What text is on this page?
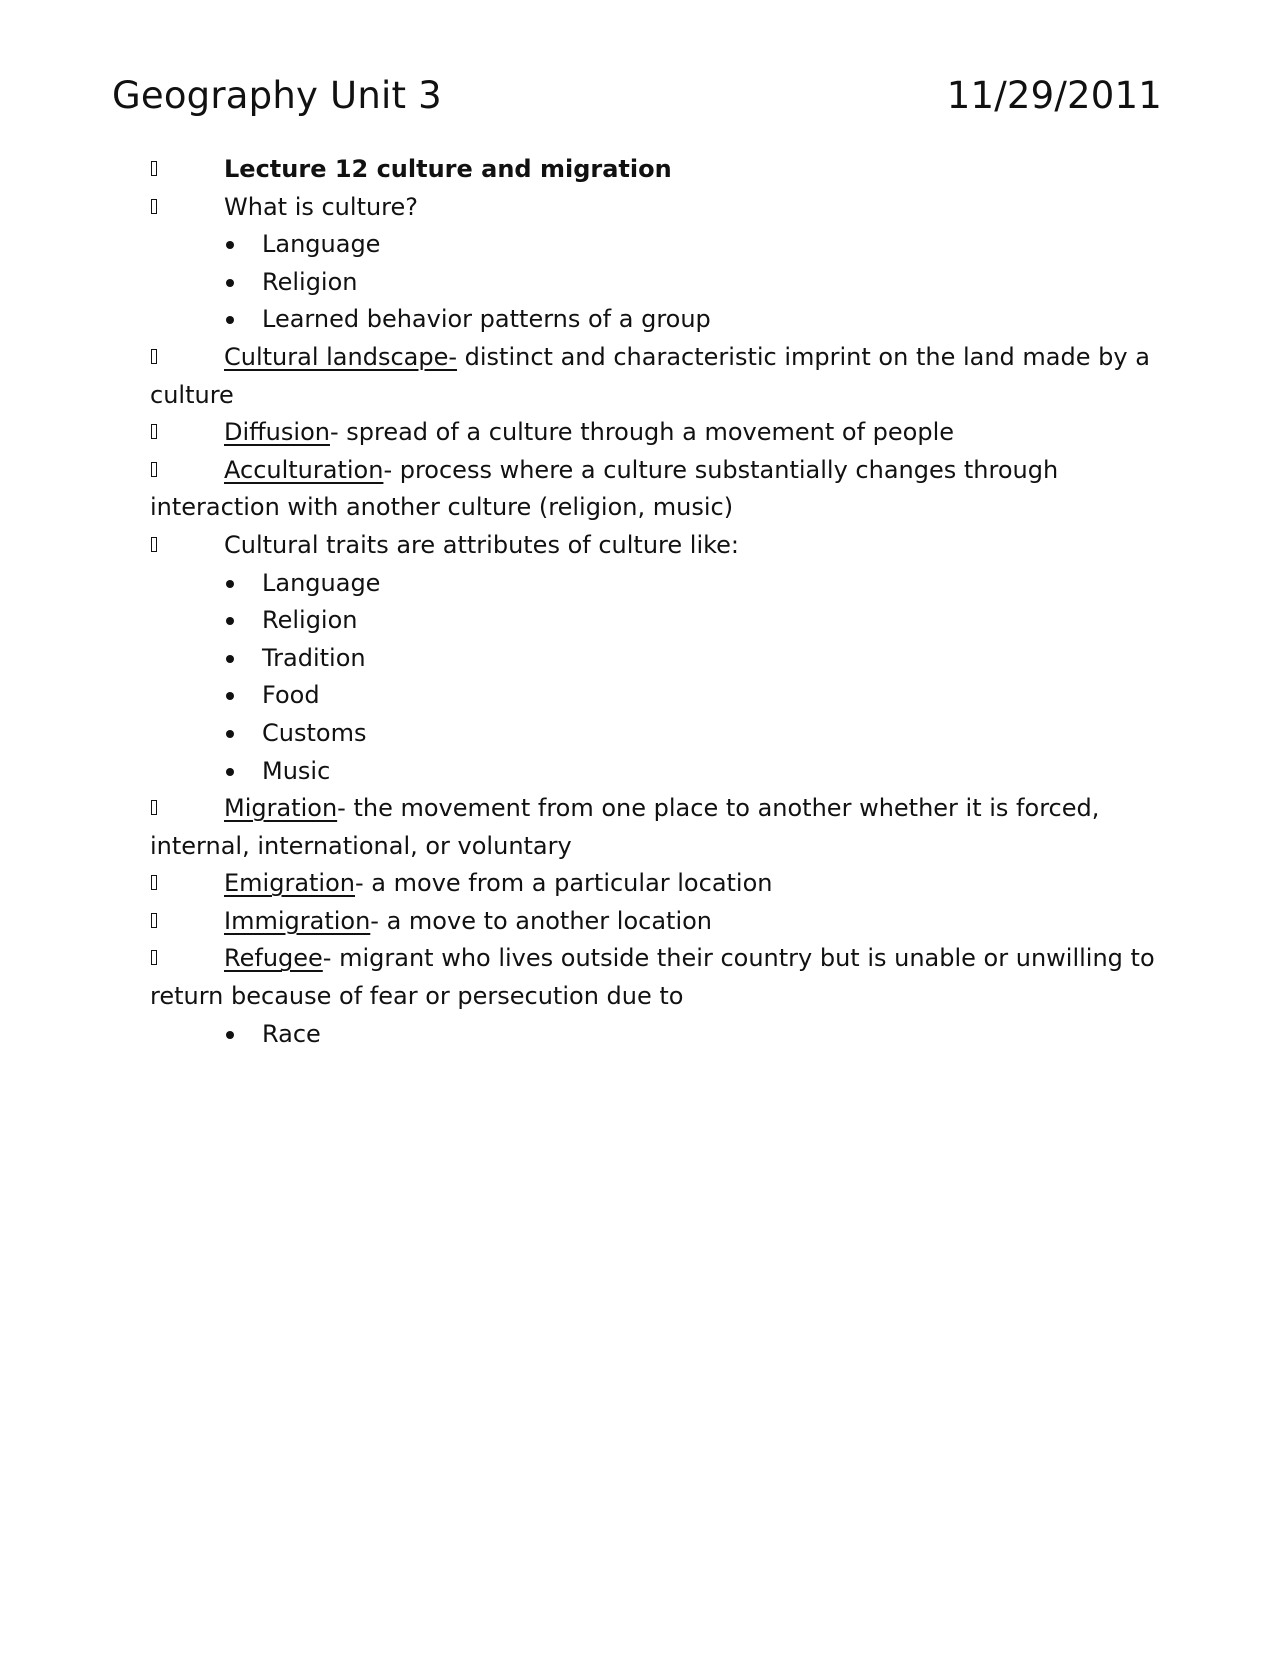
Geography Unit 3	11/29/2011
Lecture 12 culture and migration
What is culture?
Language
Religion
Learned behavior patterns of a group
Cultural landscape- distinct and characteristic imprint on the land made by a culture
Diffusion- spread of a culture through a movement of people
Acculturation- process where a culture substantially changes through interaction with another culture (religion, music)
Cultural traits are attributes of culture like:
Language
Religion
Tradition
Food
Customs
Music
Migration- the movement from one place to another whether it is forced, internal, international, or voluntary
Emigration- a move from a particular location
Immigration- a move to another location
Refugee- migrant who lives outside their country but is unable or unwilling to return because of fear or persecution due to
Race
